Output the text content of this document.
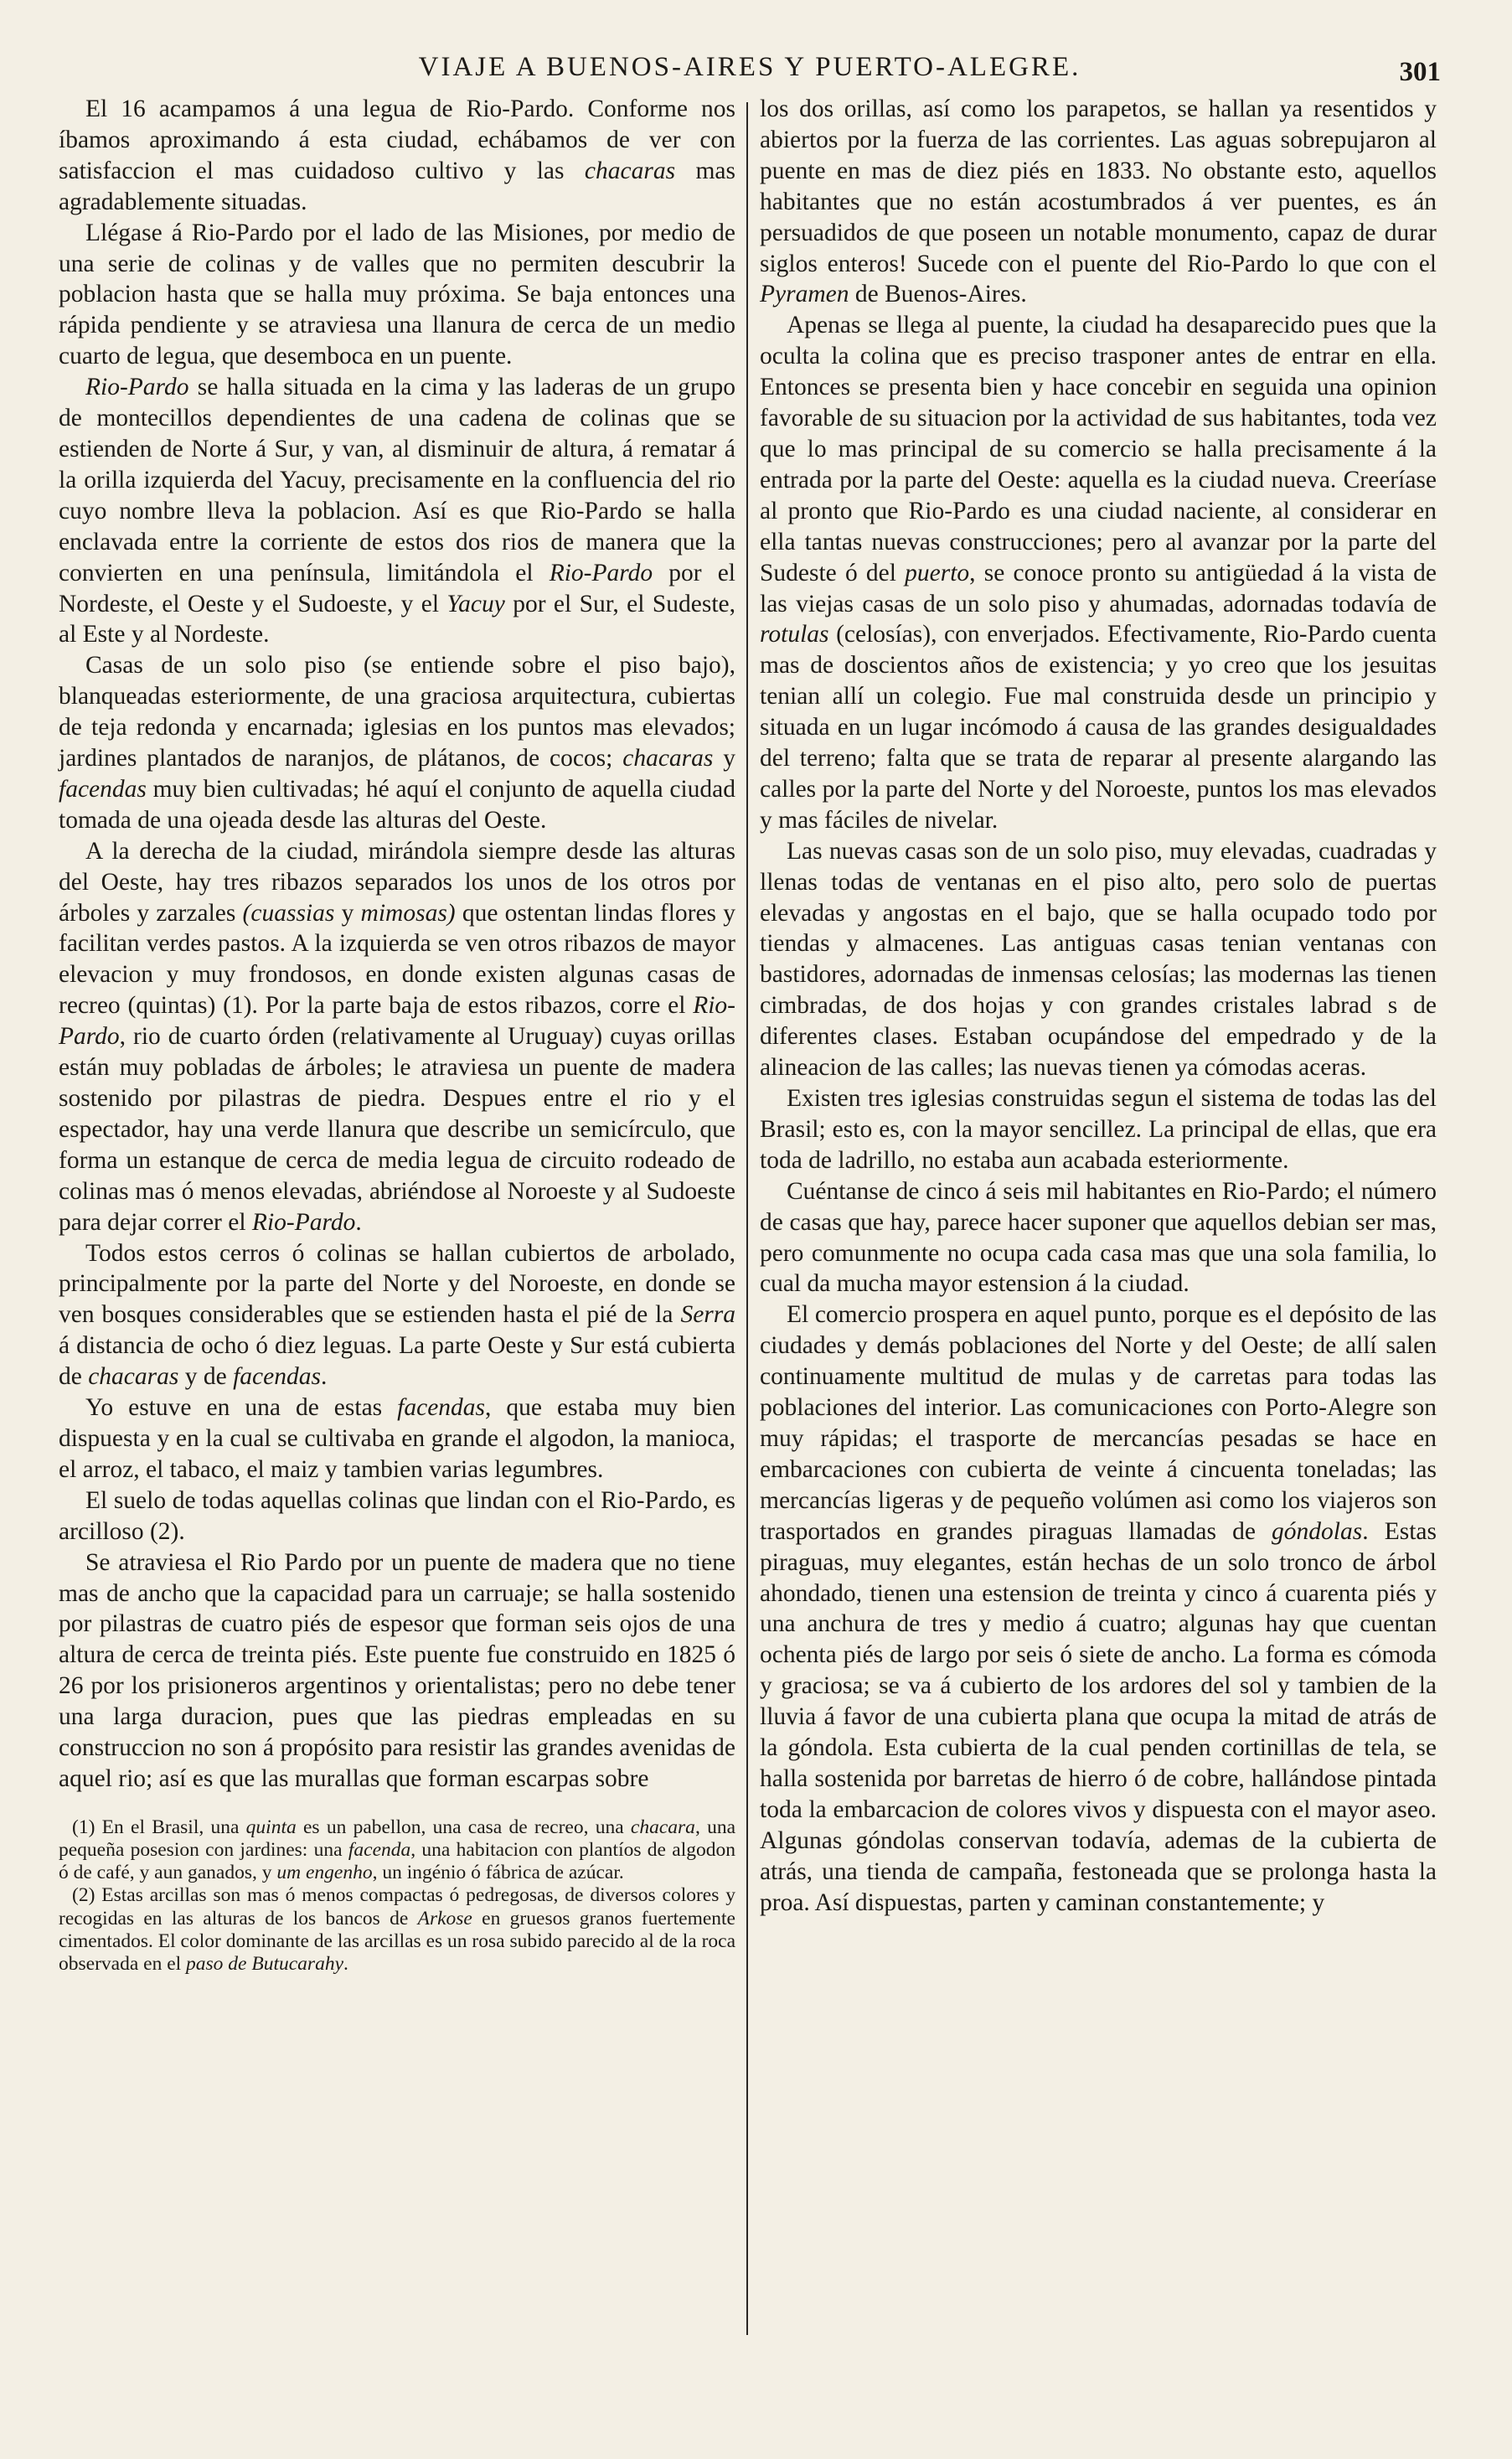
VIAJE A BUENOS-AIRES Y PUERTO-ALEGRE.	301

El 16 acampamos á una legua de Rio-Pardo. Conforme nos íbamos aproximando á esta ciudad, echábamos de ver con satisfaccion el mas cuidadoso cultivo y las chacaras mas agradablemente situadas.

Llégase á Rio-Pardo por el lado de las Misiones, por medio de una serie de colinas y de valles que no permiten descubrir la poblacion hasta que se halla muy próxima. Se baja entonces una rápida pendiente y se atraviesa una llanura de cerca de un medio cuarto de legua, que desemboca en un puente.

Rio-Pardo se halla situada en la cima y las laderas de un grupo de montecillos dependientes de una cadena de colinas que se estienden de Norte á Sur, y van, al disminuir de altura, á rematar á la orilla izquierda del Yacuy, precisamente en la confluencia del rio cuyo nombre lleva la poblacion. Así es que Rio-Pardo se halla enclavada entre la corriente de estos dos rios de manera que la convierten en una península, limitándola el Rio-Pardo por el Nordeste, el Oeste y el Sudoeste, y el Yacuy por el Sur, el Sudeste, al Este y al Nordeste.

Casas de un solo piso (se entiende sobre el piso bajo), blanqueadas esteriormente, de una graciosa arquitectura, cubiertas de teja redonda y encarnada; iglesias en los puntos mas elevados; jardines plantados de naranjos, de plátanos, de cocos; chacaras y facendas muy bien cultivadas; hé aquí el conjunto de aquella ciudad tomada de una ojeada desde las alturas del Oeste.

A la derecha de la ciudad, mirándola siempre desde las alturas del Oeste, hay tres ribazos separados los unos de los otros por árboles y zarzales (cuassias y mimosas) que ostentan lindas flores y facilitan verdes pastos. A la izquierda se ven otros ribazos de mayor elevacion y muy frondosos, en donde existen algunas casas de recreo (quintas) (1). Por la parte baja de estos ribazos, corre el Rio-Pardo, rio de cuarto órden (relativamente al Uruguay) cuyas orillas están muy pobladas de árboles; le atraviesa un puente de madera sostenido por pilastras de piedra. Despues entre el rio y el espectador, hay una verde llanura que describe un semicírculo, que forma un estanque de cerca de media legua de circuito rodeado de colinas mas ó menos elevadas, abriéndose al Noroeste y al Sudoeste para dejar correr el Rio-Pardo.

Todos estos cerros ó colinas se hallan cubiertos de arbolado, principalmente por la parte del Norte y del Noroeste, en donde se ven bosques considerables que se estienden hasta el pié de la Serra á distancia de ocho ó diez leguas. La parte Oeste y Sur está cubierta de chacaras y de facendas.

Yo estuve en una de estas facendas, que estaba muy bien dispuesta y en la cual se cultivaba en grande el algodon, la manioca, el arroz, el tabaco, el maiz y tambien varias legumbres.

El suelo de todas aquellas colinas que lindan con el Rio-Pardo, es arcilloso (2).

Se atraviesa el Rio Pardo por un puente de madera que no tiene mas de ancho que la capacidad para un carruaje; se halla sostenido por pilastras de cuatro piés de espesor que forman seis ojos de una altura de cerca de treinta piés. Este puente fue construido en 1825 ó 26 por los prisioneros argentinos y orientalistas; pero no debe tener una larga duracion, pues que las piedras empleadas en su construccion no son á propósito para resistir las grandes avenidas de aquel rio; así es que las murallas que forman escarpas sobre

(1) En el Brasil, una quinta es un pabellon, una casa de recreo, una chacara, una pequeña posesion con jardines: una facenda, una habitacion con plantíos de algodon ó de café, y aun ganados, y um engenho, un ingénio ó fábrica de azúcar.

(2) Estas arcillas son mas ó menos compactas ó pedregosas, de diversos colores y recogidas en las alturas de los bancos de Arkose en gruesos granos fuertemente cimentados. El color dominante de las arcillas es un rosa subido parecido al de la roca observada en el paso de Butucarahy.

los dos orillas, así como los parapetos, se hallan ya resentidos y abiertos por la fuerza de las corrientes. Las aguas sobrepujaron al puente en mas de diez piés en 1833. No obstante esto, aquellos habitantes que no están acostumbrados á ver puentes, es án persuadidos de que poseen un notable monumento, capaz de durar siglos enteros! Sucede con el puente del Rio-Pardo lo que con el Pyramen de Buenos-Aires.

Apenas se llega al puente, la ciudad ha desaparecido pues que la oculta la colina que es preciso trasponer antes de entrar en ella. Entonces se presenta bien y hace concebir en seguida una opinion favorable de su situacion por la actividad de sus habitantes, toda vez que lo mas principal de su comercio se halla precisamente á la entrada por la parte del Oeste: aquella es la ciudad nueva. Creeríase al pronto que Rio-Pardo es una ciudad naciente, al considerar en ella tantas nuevas construcciones; pero al avanzar por la parte del Sudeste ó del puerto, se conoce pronto su antigüedad á la vista de las viejas casas de un solo piso y ahumadas, adornadas todavía de rotulas (celosías), con enverjados. Efectivamente, Rio-Pardo cuenta mas de doscientos años de existencia; y yo creo que los jesuitas tenian allí un colegio. Fue mal construida desde un principio y situada en un lugar incómodo á causa de las grandes desigualdades del terreno; falta que se trata de reparar al presente alargando las calles por la parte del Norte y del Noroeste, puntos los mas elevados y mas fáciles de nivelar.

Las nuevas casas son de un solo piso, muy elevadas, cuadradas y llenas todas de ventanas en el piso alto, pero solo de puertas elevadas y angostas en el bajo, que se halla ocupado todo por tiendas y almacenes. Las antiguas casas tenian ventanas con bastidores, adornadas de inmensas celosías; las modernas las tienen cimbradas, de dos hojas y con grandes cristales labrad s de diferentes clases. Estaban ocupándose del empedrado y de la alineacion de las calles; las nuevas tienen ya cómodas aceras.

Existen tres iglesias construidas segun el sistema de todas las del Brasil; esto es, con la mayor sencillez. La principal de ellas, que era toda de ladrillo, no estaba aun acabada esteriormente.

Cuéntanse de cinco á seis mil habitantes en Rio-Pardo; el número de casas que hay, parece hacer suponer que aquellos debian ser mas, pero comunmente no ocupa cada casa mas que una sola familia, lo cual da mucha mayor estension á la ciudad.

El comercio prospera en aquel punto, porque es el depósito de las ciudades y demás poblaciones del Norte y del Oeste; de allí salen continuamente multitud de mulas y de carretas para todas las poblaciones del interior. Las comunicaciones con Porto-Alegre son muy rápidas; el trasporte de mercancías pesadas se hace en embarcaciones con cubierta de veinte á cincuenta toneladas; las mercancías ligeras y de pequeño volúmen asi como los viajeros son trasportados en grandes piraguas llamadas de góndolas. Estas piraguas, muy elegantes, están hechas de un solo tronco de árbol ahondado, tienen una estension de treinta y cinco á cuarenta piés y una anchura de tres y medio á cuatro; algunas hay que cuentan ochenta piés de largo por seis ó siete de ancho. La forma es cómoda y graciosa; se va á cubierto de los ardores del sol y tambien de la lluvia á favor de una cubierta plana que ocupa la mitad de atrás de la góndola. Esta cubierta de la cual penden cortinillas de tela, se halla sostenida por barretas de hierro ó de cobre, hallándose pintada toda la embarcacion de colores vivos y dispuesta con el mayor aseo. Algunas góndolas conservan todavía, ademas de la cubierta de atrás, una tienda de campaña, festoneada que se prolonga hasta la proa. Así dispuestas, parten y caminan constantemente; y
